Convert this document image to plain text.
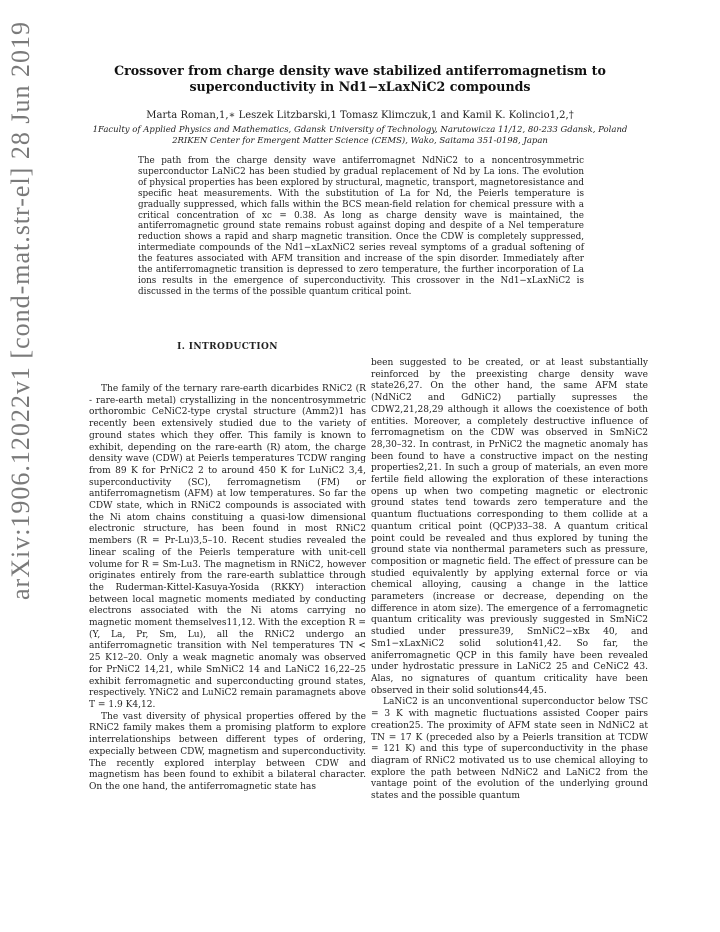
arXiv:1906.12022v1 [cond-mat.str-el] 28 Jun 2019	Crossover from charge density wave stabilized antiferromagnetism to
superconductivity in Nd1−xLaxNiC2 compounds
Marta Roman,1,∗ Leszek Litzbarski,1 Tomasz Klimczuk,1 and Kamil K. Kolincio1,2,†
1Faculty of Applied Physics and Mathematics, Gdansk University of Technology, Narutowicza 11/12, 80-233 Gdansk, Poland
2RIKEN Center for Emergent Matter Science (CEMS), Wako, Saitama 351-0198, Japan
The path from the charge density wave antiferromagnet NdNiC2 to a noncentrosymmetric superconductor LaNiC2 has been studied by gradual replacement of Nd by La ions. The evolution of physical properties has been explored by structural, magnetic, transport, magnetoresistance and specific heat measurements. With the substitution of La for Nd, the Peierls temperature is gradually suppressed, which falls within the BCS mean-field relation for chemical pressure with a critical concentration of xc = 0.38. As long as charge density wave is maintained, the antiferromagnetic ground state remains robust against doping and despite of a Nel temperature reduction shows a rapid and sharp magnetic transition. Once the CDW is completely suppressed, intermediate compounds of the Nd1−xLaxNiC2 series reveal symptoms of a gradual softening of the features associated with AFM transition and increase of the spin disorder. Immediately after the antiferromagnetic transition is depressed to zero temperature, the further incorporation of La ions results in the emergence of superconductivity. This crossover in the Nd1−xLaxNiC2 is discussed in the terms of the possible quantum critical point.
I. INTRODUCTION

The family of the ternary rare-earth dicarbides RNiC2 (R - rare-earth metal) crystallizing in the noncentrosymmetric orthorombic CeNiC2-type crystal structure (Amm2)1 has recently been extensively studied due to the variety of ground states which they offer. This family is known to exhibit, depending on the rare-earth (R) atom, the charge density wave (CDW) at Peierls temperatures TCDW ranging from 89 K for PrNiC2 2 to around 450 K for LuNiC2 3,4, superconductivity (SC), ferromagnetism (FM) or antiferromagnetism (AFM) at low temperatures. So far the CDW state, which in RNiC2 compounds is associated with the Ni atom chains constituing a quasi-low dimensional electronic structure, has been found in most RNiC2 members (R = Pr-Lu)3,5–10. Recent studies revealed the linear scaling of the Peierls temperature with unit-cell volume for R = Sm-Lu3. The magnetism in RNiC2, however originates entirely from the rare-earth sublattice through the Ruderman-Kittel-Kasuya-Yosida (RKKY) interaction between local magnetic moments mediated by conducting electrons associated with the Ni atoms carrying no magnetic moment themselves11,12. With the exception R = (Y, La, Pr, Sm, Lu), all the RNiC2 undergo an antiferromagnetic transition with Nel temperatures TN < 25 K12–20. Only a weak magnetic anomaly was observed for PrNiC2 14,21, while SmNiC2 14 and LaNiC2 16,22–25 exhibit ferromagnetic and superconducting ground states, respectively. YNiC2 and LuNiC2 remain paramagnets above T = 1.9 K4,12.

The vast diversity of physical properties offered by the RNiC2 family makes them a promising platform to explore interrelationships between different types of ordering, expecially between CDW, magnetism and superconductivity. The recently explored interplay between CDW and magnetism has been found to exhibit a bilateral character. On the one hand, the antiferromagnetic state has

been suggested to be created, or at least substantially reinforced by the preexisting charge density wave state26,27. On the other hand, the same AFM state (NdNiC2 and GdNiC2) partially supresses the CDW2,21,28,29 although it allows the coexistence of both entities. Moreover, a completely destructive influence of ferromagnetism on the CDW was observed in SmNiC2 28,30–32. In contrast, in PrNiC2 the magnetic anomaly has been found to have a constructive impact on the nesting properties2,21. In such a group of materials, an even more fertile field allowing the exploration of these interactions opens up when two competing magnetic or electronic ground states tend towards zero temperature and the quantum fluctuations corresponding to them collide at a quantum critical point (QCP)33–38. A quantum critical point could be revealed and thus explored by tuning the ground state via nonthermal parameters such as pressure, composition or magnetic field. The effect of pressure can be studied equivalently by applying external force or via chemical alloying, causing a change in the lattice parameters (increase or decrease, depending on the difference in atom size). The emergence of a ferromagnetic quantum criticality was previously suggested in SmNiC2 studied under pressure39, SmNiC2−xBx 40, and Sm1−xLaxNiC2 solid solution41,42. So far, the aniferromagnetic QCP in this family have been revealed under hydrostatic pressure in LaNiC2 25 and CeNiC2 43. Alas, no signatures of quantum criticality have been observed in their solid solutions44,45.

LaNiC2 is an unconventional superconductor below TSC = 3 K with magnetic fluctuations assisted Cooper pairs creation25. The proximity of AFM state seen in NdNiC2 at TN = 17 K (preceded also by a Peierls transition at TCDW = 121 K) and this type of superconductivity in the phase diagram of RNiC2 motivated us to use chemical alloying to explore the path between NdNiC2 and LaNiC2 from the vantage point of the evolution of the underlying ground states and the possible quantum
